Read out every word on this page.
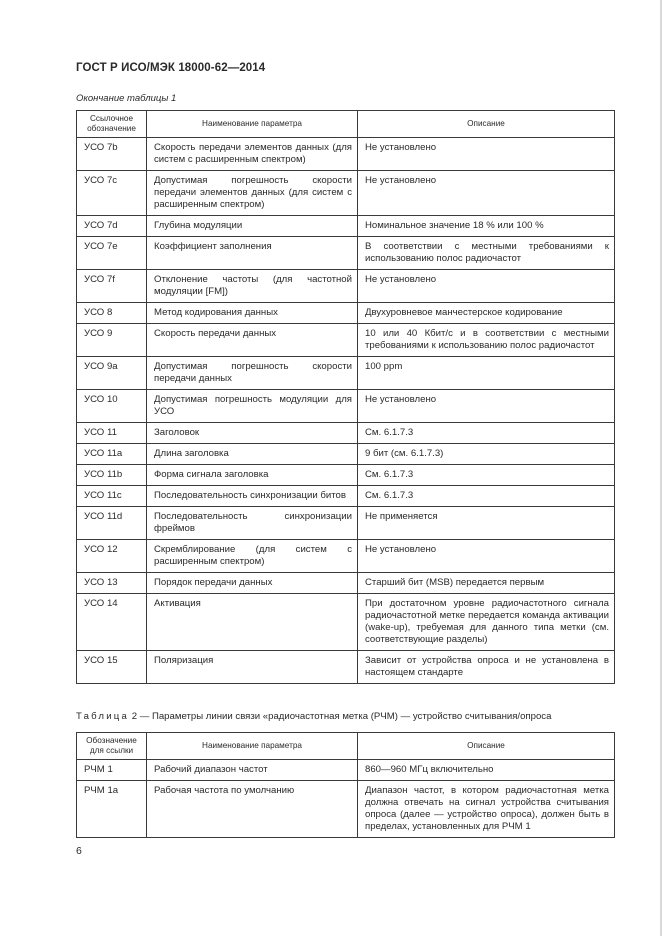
ГОСТ Р ИСО/МЭК 18000-62—2014
Окончание таблицы 1
Ссылочное обозначение	Наименование параметра	Описание
УСО 7b	Скорость передачи элементов данных (для систем с расширенным спектром)	Не установлено
УСО 7c	Допустимая погрешность скорости передачи элементов данных (для систем с расширенным спектром)	Не установлено
УСО 7d	Глубина модуляции	Номинальное значение 18 % или 100 %
УСО 7e	Коэффициент заполнения	В соответствии с местными требованиями к использованию полос радиочастот
УСО 7f	Отклонение частоты (для частотной модуляции [FM])	Не установлено
УСО 8	Метод кодирования данных	Двухуровневое манчестерское кодирование
УСО 9	Скорость передачи данных	10 или 40 Кбит/с и в соответствии с местными требованиями к использованию полос радиочастот
УСО 9a	Допустимая погрешность скорости передачи данных	100 ppm
УСО 10	Допустимая погрешность модуляции для УСО	Не установлено
УСО 11	Заголовок	См. 6.1.7.3
УСО 11a	Длина заголовка	9 бит (см. 6.1.7.3)
УСО 11b	Форма сигнала заголовка	См. 6.1.7.3
УСО 11c	Последовательность синхронизации битов	См. 6.1.7.3
УСО 11d	Последовательность синхронизации фреймов	Не применяется
УСО 12	Скремблирование (для систем с расширенным спектром)	Не установлено
УСО 13	Порядок передачи данных	Старший бит (MSB) передается первым
УСО 14	Активация	При достаточном уровне радиочастотного сигнала радиочастотной метке передается команда активации (wake-up), требуемая для данного типа метки (см. соответствующие разделы)
УСО 15	Поляризация	Зависит от устройства опроса и не установлена в настоящем стандарте
Таблица 2 — Параметры линии связи «радиочастотная метка (РЧМ) — устройство считывания/опроса
Обозначение для ссылки	Наименование параметра	Описание
РЧМ 1	Рабочий диапазон частот	860—960 МГц включительно
РЧМ 1a	Рабочая частота по умолчанию	Диапазон частот, в котором радиочастотная метка должна отвечать на сигнал устройства считывания опроса (далее — устройство опроса), должен быть в пределах, установленных для РЧМ 1
6
